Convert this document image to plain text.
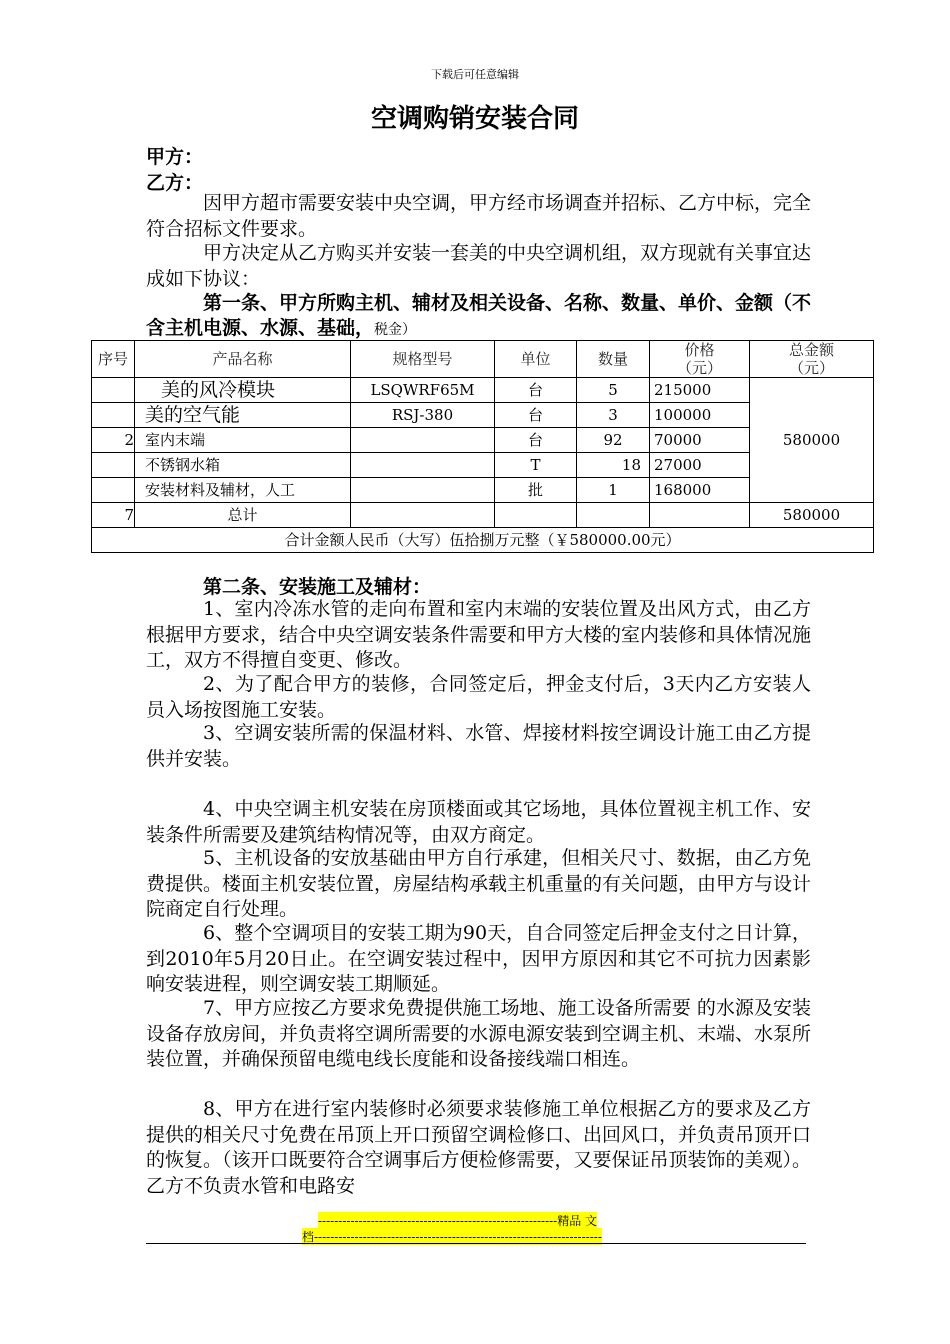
下载后可任意编辑
空调购销安装合同
甲方：
乙方：
因甲方超市需要安装中央空调，甲方经市场调查并招标、乙方中标，完全符合招标文件要求。
甲方决定从乙方购买并安装一套美的中央空调机组，双方现就有关事宜达成如下协议：
第一条、甲方所购主机、辅材及相关设备、名称、数量、单价、金额（不含主机电源、水源、基础，税金）
序号	产品名称	规格型号	单位	数量	价格（元）	总金额（元）
	美的风冷模块	LSQWRF65M	台	5	215000	580000
	美的空气能	RSJ-380	台	3	100000	
2	室内末端		台	92	70000	
	不锈钢水箱		T	18	27000	
	安装材料及辅材，人工		批	1	168000	
7	总计					580000
合计金额人民币（大写）伍拾捌万元整（￥580000.00元）						
第二条、安装施工及辅材：
1、室内冷冻水管的走向布置和室内末端的安装位置及出风方式，由乙方根据甲方要求，结合中央空调安装条件需要和甲方大楼的室内装修和具体情况施工，双方不得擅自变更、修改。
2、为了配合甲方的装修，合同签定后，押金支付后，3天内乙方安装人员入场按图施工安装。
3、空调安装所需的保温材料、水管、焊接材料按空调设计施工由乙方提供并安装。
4、中央空调主机安装在房顶楼面或其它场地，具体位置视主机工作、安装条件所需要及建筑结构情况等，由双方商定。
5、主机设备的安放基础由甲方自行承建，但相关尺寸、数据，由乙方免费提供。楼面主机安装位置，房屋结构承载主机重量的有关问题，由甲方与设计院商定自行处理。
6、整个空调项目的安装工期为90天，自合同签定后押金支付之日计算，到2010年5月20日止。在空调安装过程中，因甲方原因和其它不可抗力因素影响安装进程，则空调安装工期顺延。
7、甲方应按乙方要求免费提供施工场地、施工设备所需要 的水源及安装设备存放房间，并负责将空调所需要的水源电源安装到空调主机、末端、水泵所装位置，并确保预留电缆电线长度能和设备接线端口相连。
8、甲方在进行室内装修时必须要求装修施工单位根据乙方的要求及乙方提供的相关尺寸免费在吊顶上开口预留空调检修口、出回风口，并负责吊顶开口的恢复。（该开口既要符合空调事后方便检修需要，又要保证吊顶装饰的美观）。乙方不负责水管和电路安
-----------------------------------------------------------精品 文
档-----------------------------------------------------------------------
